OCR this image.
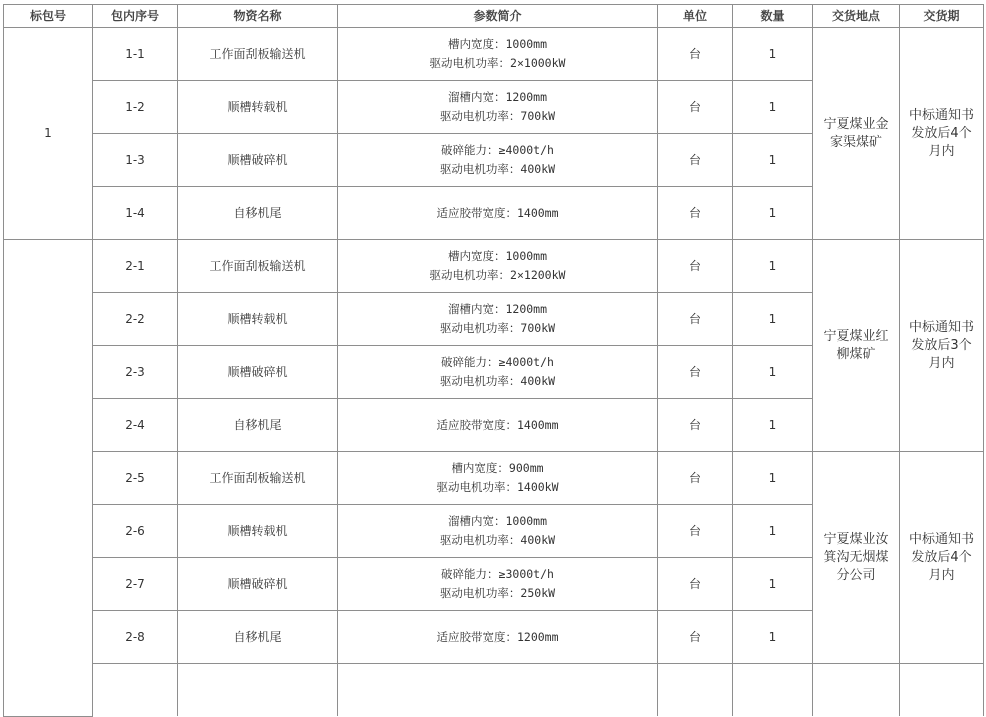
标包号	包内序号	物资名称	参数简介	单位	数量	交货地点	交货期
1	1-1	工作面刮板输送机	槽内宽度：1000mm
驱动电机功率：2×1000kW	台	1	宁夏煤业金家渠煤矿	中标通知书发放后4个月内
	1-2	顺槽转载机	溜槽内宽：1200mm
驱动电机功率：700kW	台	1		
	1-3	顺槽破碎机	破碎能力：≥4000t/h
驱动电机功率：400kW	台	1		
	1-4	自移机尾	适应胶带宽度：1400mm	台	1		
	2-1	工作面刮板输送机	槽内宽度：1000mm
驱动电机功率：2×1200kW	台	1	宁夏煤业红柳煤矿	中标通知书发放后3个月内
	2-2	顺槽转载机	溜槽内宽：1200mm
驱动电机功率：700kW	台	1		
	2-3	顺槽破碎机	破碎能力：≥4000t/h
驱动电机功率：400kW	台	1		
	2-4	自移机尾	适应胶带宽度：1400mm	台	1		
	2-5	工作面刮板输送机	槽内宽度：900mm
驱动电机功率：1400kW	台	1	宁夏煤业汝箕沟无烟煤分公司	中标通知书发放后4个月内
	2-6	顺槽转载机	溜槽内宽：1000mm
驱动电机功率：400kW	台	1		
	2-7	顺槽破碎机	破碎能力：≥3000t/h
驱动电机功率：250kW	台	1		
	2-8	自移机尾	适应胶带宽度：1200mm	台	1		
